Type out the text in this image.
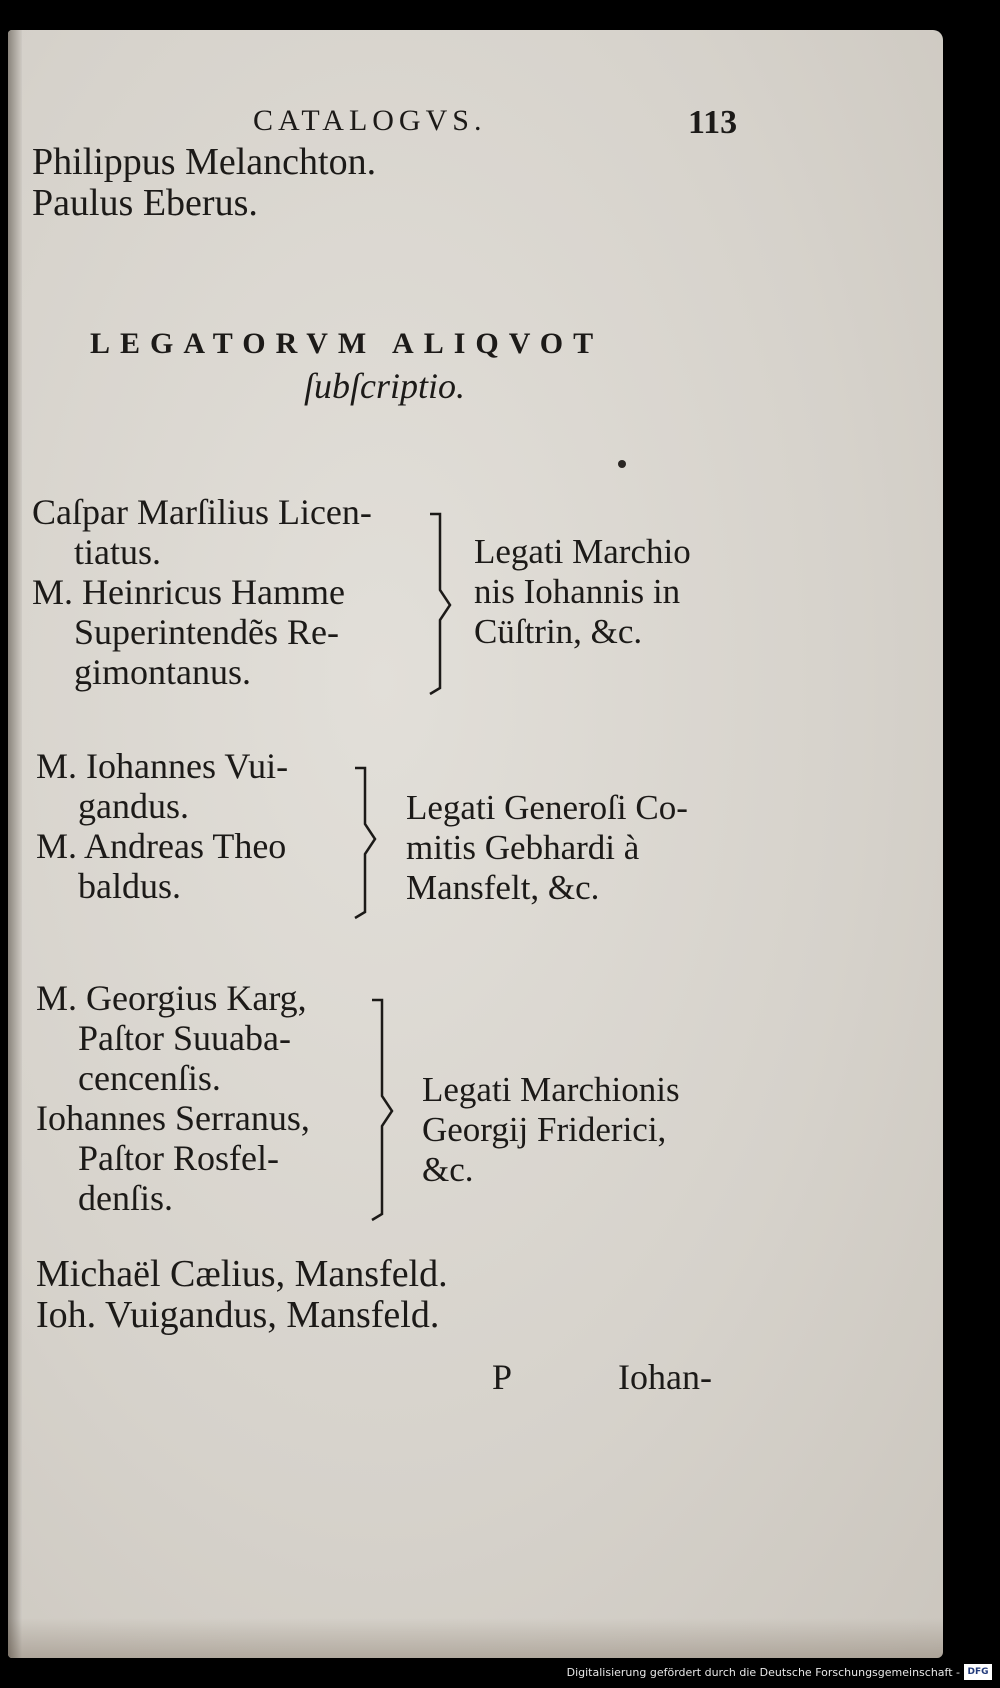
CATALOGVS.	113
Philippus Melanchton.
Paulus Eberus.
LEGATORVM ALIQVOT
ſubſcriptio.
Caſpar Marſilius Licen-
tiatus.
M. Heinricus Hamme
Superintendẽs Re-
gimontanus.
Legati Marchio
nis Iohannis in
Cüſtrin, &c.
M. Iohannes Vui-
gandus.
M. Andreas Theo
baldus.
Legati Generoſi Co-
mitis Gebhardi à
Mansfelt, &c.
M. Georgius Karg,
Paſtor Suuaba-
cencenſis.
Iohannes Serranus,
Paſtor Rosfel-
denſis.
Legati Marchionis
Georgij Friderici,
&c.
Michaël Cælius, Mansfeld.
Ioh. Vuigandus, Mansfeld.
P	Iohan-
Digitalisierung gefördert durch die Deutsche Forschungsgemeinschaft - DFG
